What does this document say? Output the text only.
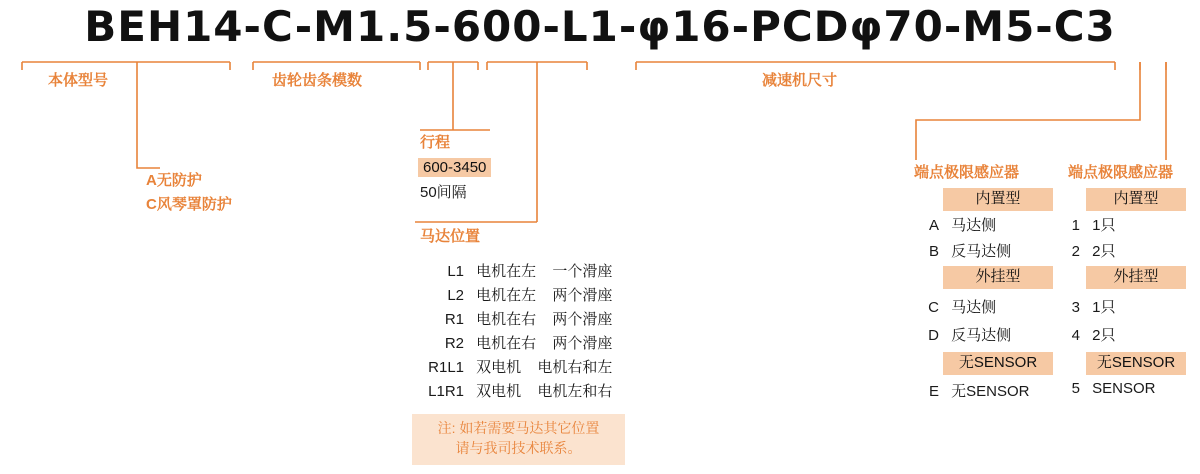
BEH14-C-M1.5-600-L1-φ16-PCDφ70-M5-C3
本体型号
A无防护
C风琴罩防护
齿轮齿条模数
行程
600-3450
50间隔
马达位置
L1 电机在左 一个滑座
L2 电机在左 两个滑座
R1 电机在右 两个滑座
R2 电机在右 两个滑座
R1L1 双电机 电机右和左
L1R1 双电机 电机左和右
注: 如若需要马达其它位置
请与我司技术联系。
减速机尺寸
端点极限感应器
内置型
A 马达侧
B 反马达侧
外挂型
C 马达侧
D 反马达侧
无SENSOR
E 无SENSOR
端点极限感应器
内置型
1 1只
2 2只
外挂型
3 1只
4 2只
无SENSOR
5 SENSOR
